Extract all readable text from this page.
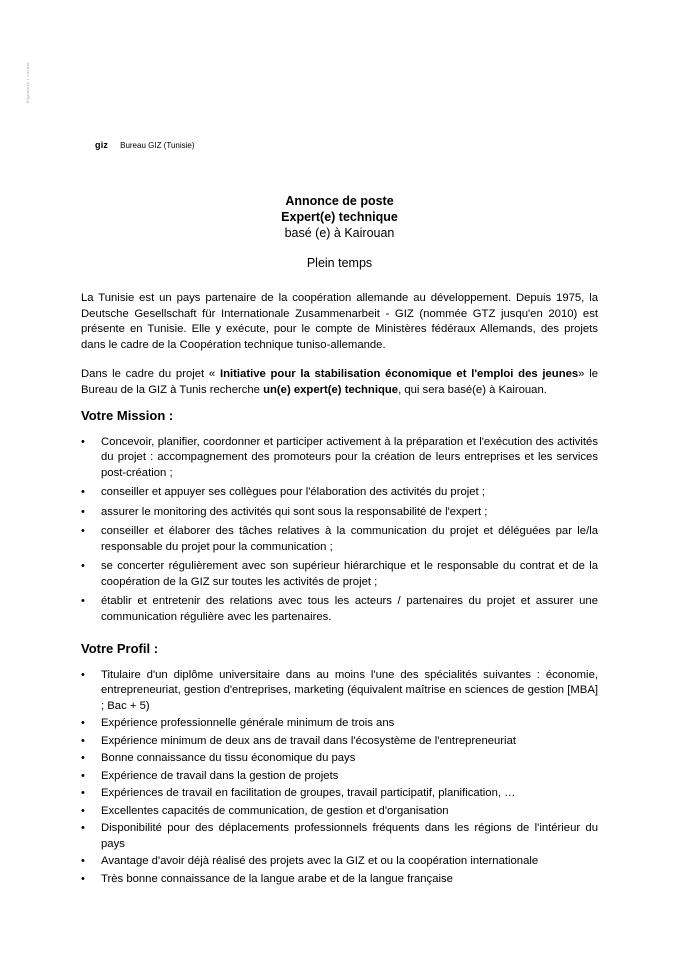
Signature / cachet
giz Bureau GIZ (Tunisie)
Annonce de poste
Expert(e) technique
basé (e) à Kairouan
Plein temps

La Tunisie est un pays partenaire de la coopération allemande au développement. Depuis 1975, la Deutsche Gesellschaft für Internationale Zusammenarbeit - GIZ (nommée GTZ jusqu'en 2010) est présente en Tunisie. Elle y exécute, pour le compte de Ministères fédéraux Allemands, des projets dans le cadre de la Coopération technique tuniso-allemande.

Dans le cadre du projet « Initiative pour la stabilisation économique et l'emploi des jeunes» le Bureau de la GIZ à Tunis recherche un(e) expert(e) technique, qui sera basé(e) à Kairouan.

Votre Mission :
• Concevoir, planifier, coordonner et participer activement à la préparation et l'exécution des activités du projet : accompagnement des promoteurs pour la création de leurs entreprises et les services post-création ;
• conseiller et appuyer ses collègues pour l'élaboration des activités du projet ;
• assurer le monitoring des activités qui sont sous la responsabilité de l'expert ;
• conseiller et élaborer des tâches relatives à la communication du projet et déléguées par le/la responsable du projet pour la communication ;
• se concerter régulièrement avec son supérieur hiérarchique et le responsable du contrat et de la coopération de la GIZ sur toutes les activités de projet ;
• établir et entretenir des relations avec tous les acteurs / partenaires du projet et assurer une communication régulière avec les partenaires.
Votre Profil :
• Titulaire d'un diplôme universitaire dans au moins l'une des spécialités suivantes : économie, entrepreneuriat, gestion d'entreprises, marketing (équivalent maîtrise en sciences de gestion [MBA] ; Bac + 5)
• Expérience professionnelle générale minimum de trois ans
• Expérience minimum de deux ans de travail dans l'écosystème de l'entrepreneuriat
• Bonne connaissance du tissu économique du pays
• Expérience de travail dans la gestion de projets
• Expériences de travail en facilitation de groupes, travail participatif, planification, …
• Excellentes capacités de communication, de gestion et d'organisation
• Disponibilité pour des déplacements professionnels fréquents dans les régions de l'intérieur du pays
• Avantage d'avoir déjà réalisé des projets avec la GIZ et ou la coopération internationale
• Très bonne connaissance de la langue arabe et de la langue française
